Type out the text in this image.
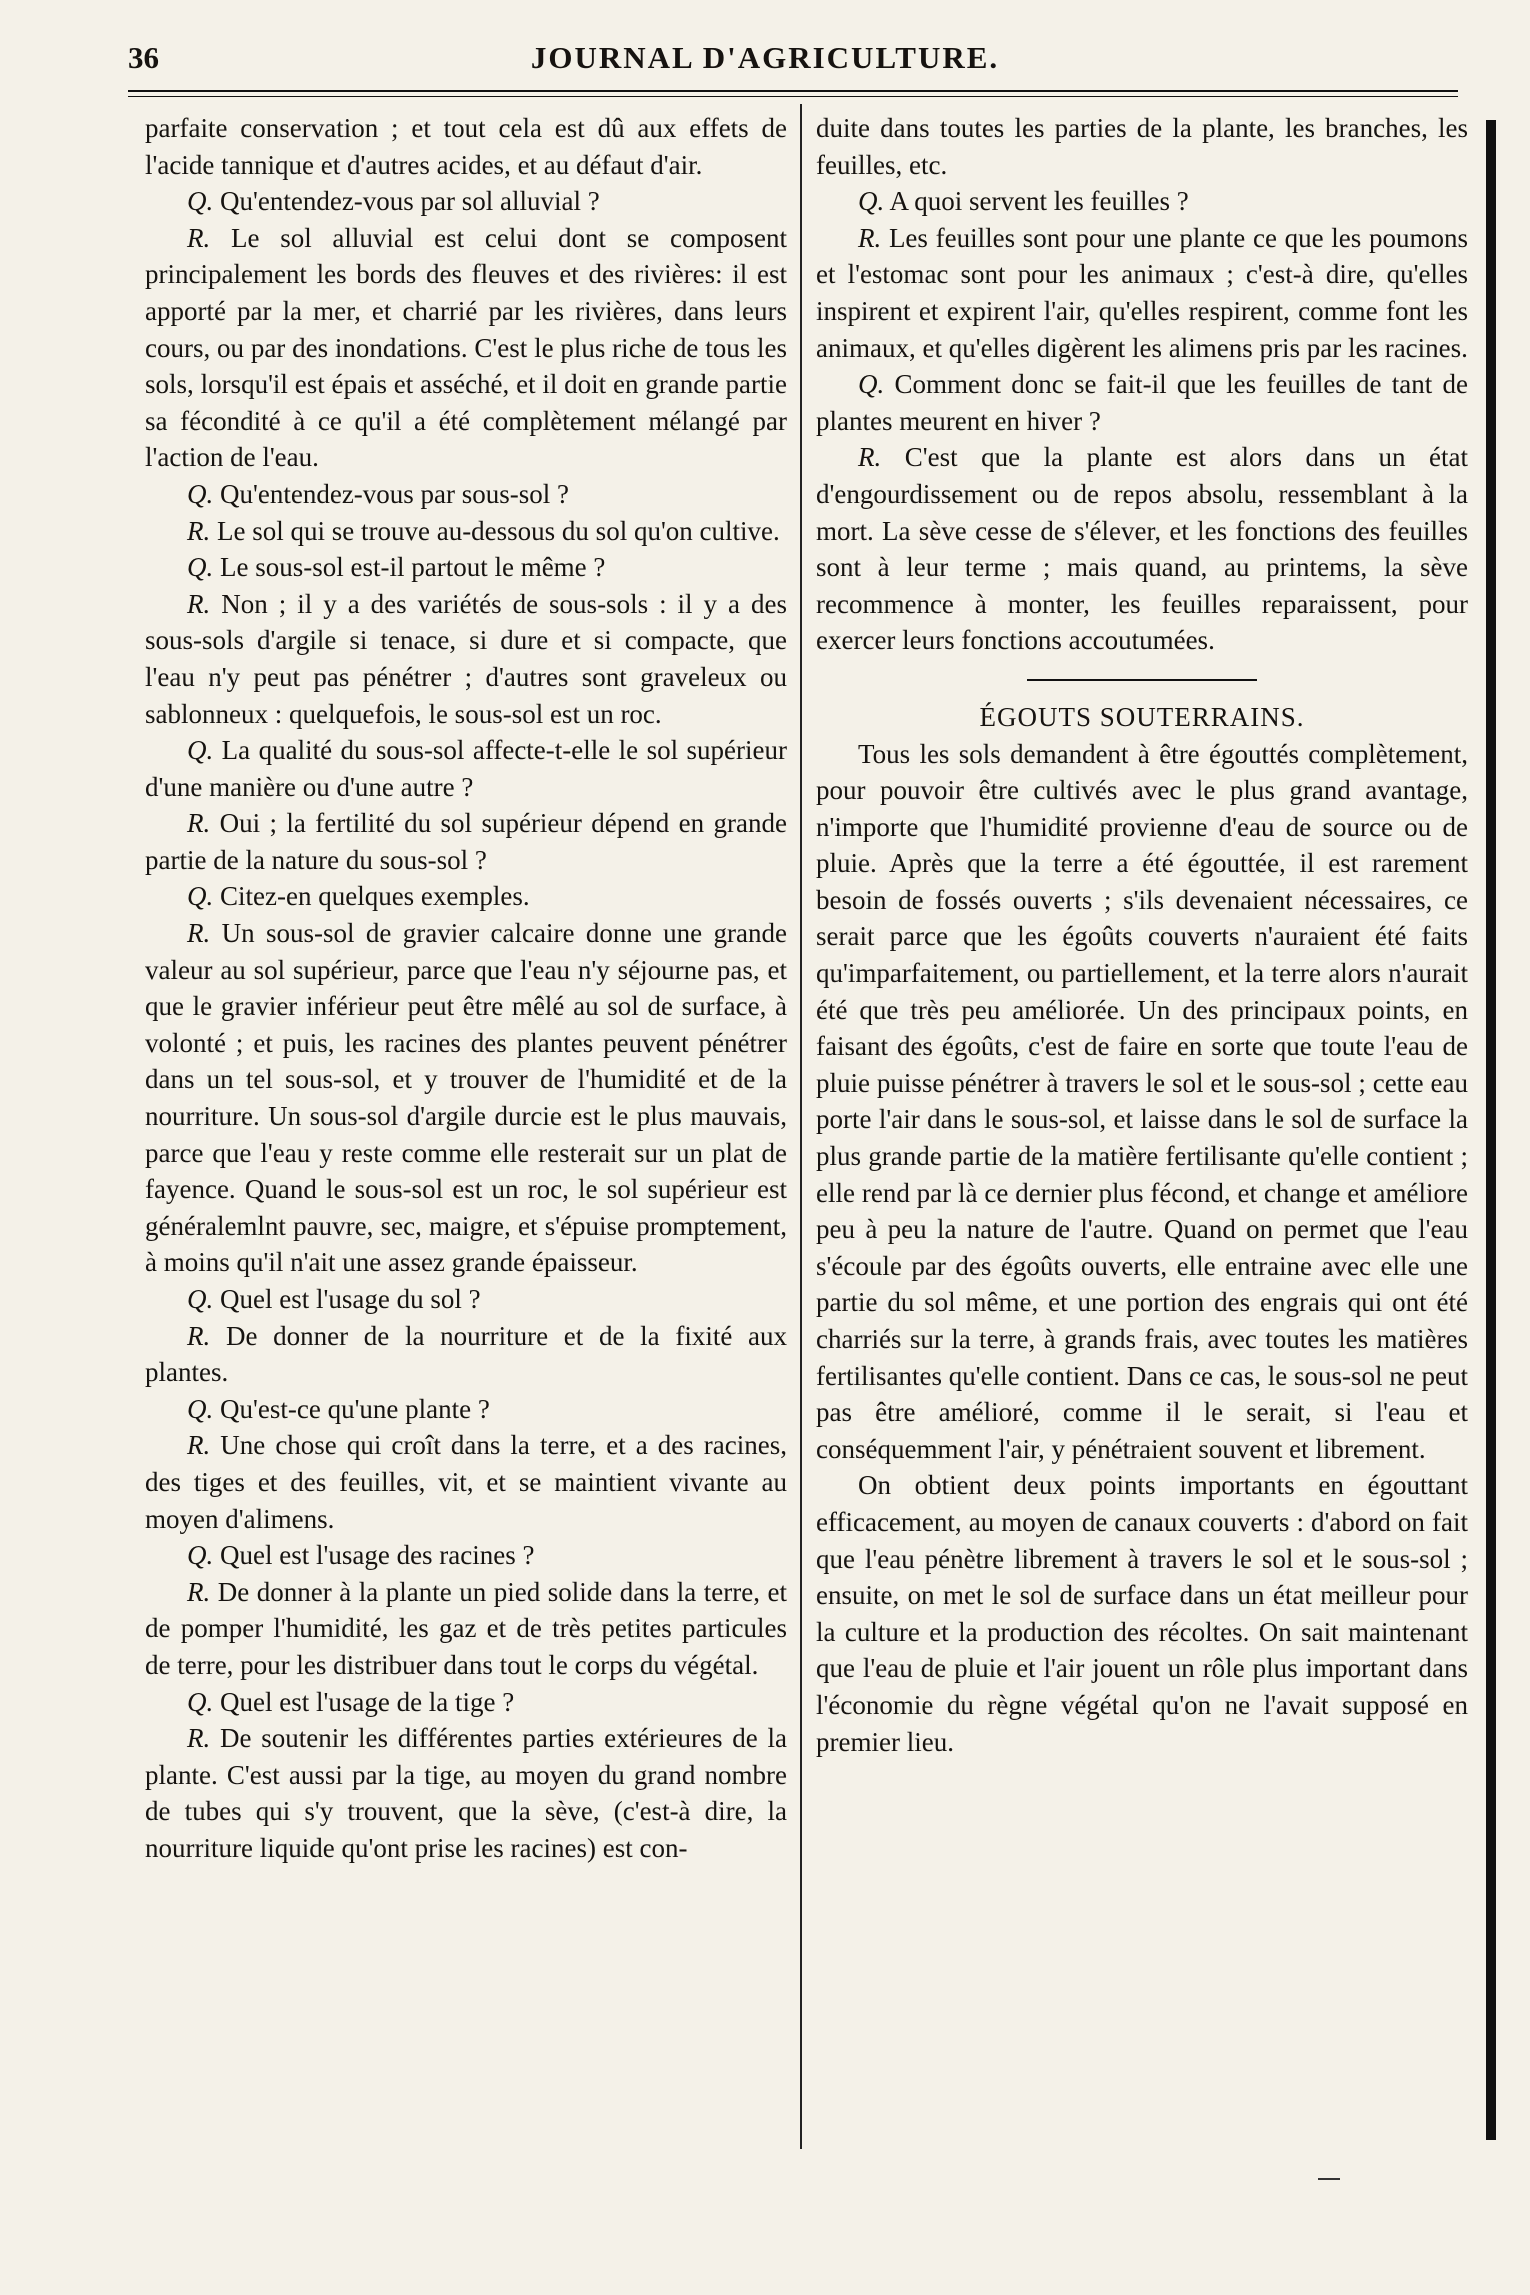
36	JOURNAL D'AGRICULTURE.

parfaite conservation ; et tout cela est dû aux effets de l'acide tannique et d'autres acides, et au défaut d'air.

Q. Qu'entendez-vous par sol alluvial ?

R. Le sol alluvial est celui dont se composent principalement les bords des fleuves et des rivières: il est apporté par la mer, et charrié par les rivières, dans leurs cours, ou par des inondations. C'est le plus riche de tous les sols, lorsqu'il est épais et asséché, et il doit en grande partie sa fécondité à ce qu'il a été complètement mélangé par l'action de l'eau.

Q. Qu'entendez-vous par sous-sol ?

R. Le sol qui se trouve au-dessous du sol qu'on cultive.

Q. Le sous-sol est-il partout le même ?

R. Non ; il y a des variétés de sous-sols : il y a des sous-sols d'argile si tenace, si dure et si compacte, que l'eau n'y peut pas pénétrer ; d'autres sont graveleux ou sablonneux : quelquefois, le sous-sol est un roc.

Q. La qualité du sous-sol affecte-t-elle le sol supérieur d'une manière ou d'une autre ?

R. Oui ; la fertilité du sol supérieur dépend en grande partie de la nature du sous-sol ?

Q. Citez-en quelques exemples.

R. Un sous-sol de gravier calcaire donne une grande valeur au sol supérieur, parce que l'eau n'y séjourne pas, et que le gravier inférieur peut être mêlé au sol de surface, à volonté ; et puis, les racines des plantes peuvent pénétrer dans un tel sous-sol, et y trouver de l'humidité et de la nourriture. Un sous-sol d'argile durcie est le plus mauvais, parce que l'eau y reste comme elle resterait sur un plat de fayence. Quand le sous-sol est un roc, le sol supérieur est généralemlnt pauvre, sec, maigre, et s'épuise promptement, à moins qu'il n'ait une assez grande épaisseur.

Q. Quel est l'usage du sol ?

R. De donner de la nourriture et de la fixité aux plantes.

Q. Qu'est-ce qu'une plante ?

R. Une chose qui croît dans la terre, et a des racines, des tiges et des feuilles, vit, et se maintient vivante au moyen d'alimens.

Q. Quel est l'usage des racines ?

R. De donner à la plante un pied solide dans la terre, et de pomper l'humidité, les gaz et de très petites particules de terre, pour les distribuer dans tout le corps du végétal.

Q. Quel est l'usage de la tige ?

R. De soutenir les différentes parties extérieures de la plante. C'est aussi par la tige, au moyen du grand nombre de tubes qui s'y trouvent, que la sève, (c'est-à dire, la nourriture liquide qu'ont prise les racines) est con-

duite dans toutes les parties de la plante, les branches, les feuilles, etc.

Q. A quoi servent les feuilles ?

R. Les feuilles sont pour une plante ce que les poumons et l'estomac sont pour les animaux ; c'est-à dire, qu'elles inspirent et expirent l'air, qu'elles respirent, comme font les animaux, et qu'elles digèrent les alimens pris par les racines.

Q. Comment donc se fait-il que les feuilles de tant de plantes meurent en hiver ?

R. C'est que la plante est alors dans un état d'engourdissement ou de repos absolu, ressemblant à la mort. La sève cesse de s'élever, et les fonctions des feuilles sont à leur terme ; mais quand, au printems, la sève recommence à monter, les feuilles reparaissent, pour exercer leurs fonctions accoutumées.

ÉGOUTS SOUTERRAINS.

Tous les sols demandent à être égouttés complètement, pour pouvoir être cultivés avec le plus grand avantage, n'importe que l'humidité provienne d'eau de source ou de pluie. Après que la terre a été égouttée, il est rarement besoin de fossés ouverts ; s'ils devenaient nécessaires, ce serait parce que les égoûts couverts n'auraient été faits qu'imparfaitement, ou partiellement, et la terre alors n'aurait été que très peu améliorée. Un des principaux points, en faisant des égoûts, c'est de faire en sorte que toute l'eau de pluie puisse pénétrer à travers le sol et le sous-sol ; cette eau porte l'air dans le sous-sol, et laisse dans le sol de surface la plus grande partie de la matière fertilisante qu'elle contient ; elle rend par là ce dernier plus fécond, et change et améliore peu à peu la nature de l'autre. Quand on permet que l'eau s'écoule par des égoûts ouverts, elle entraine avec elle une partie du sol même, et une portion des engrais qui ont été charriés sur la terre, à grands frais, avec toutes les matières fertilisantes qu'elle contient. Dans ce cas, le sous-sol ne peut pas être amélioré, comme il le serait, si l'eau et conséquemment l'air, y pénétraient souvent et librement.

On obtient deux points importants en égouttant efficacement, au moyen de canaux couverts : d'abord on fait que l'eau pénètre librement à travers le sol et le sous-sol ; ensuite, on met le sol de surface dans un état meilleur pour la culture et la production des récoltes. On sait maintenant que l'eau de pluie et l'air jouent un rôle plus important dans l'économie du règne végétal qu'on ne l'avait supposé en premier lieu.
